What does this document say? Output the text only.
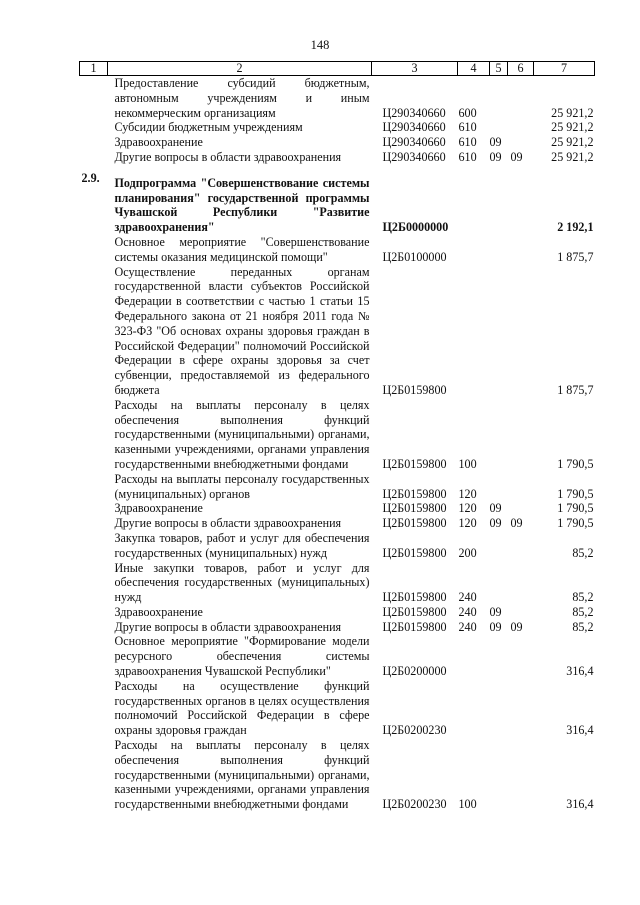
148
1	2	3	4	5	6	7
	Предоставление субсидий бюджетным, автономным учреждениям и иным некоммерческим организациям	Ц290340660	600			25 921,2
	Субсидии бюджетным учреждениям	Ц290340660	610			25 921,2
	Здравоохранение	Ц290340660	610	09		25 921,2
	Другие вопросы в области здравоохранения	Ц290340660	610	09	09	25 921,2
2.9.	Подпрограмма "Совершенствование системы планирования" государственной программы Чувашской Республики "Развитие здравоохранения"	Ц2Б0000000				2 192,1
	Основное мероприятие "Совершенствование системы оказания медицинской помощи"	Ц2Б0100000				1 875,7
	Осуществление переданных органам государственной власти субъектов Российской Федерации в соответствии с частью 1 статьи 15 Федерального закона от 21 ноября 2011 года № 323-ФЗ "Об основах охраны здоровья граждан в Российской Федерации" полномочий Российской Федерации в сфере охраны здоровья за счет субвенции, предоставляемой из федерального бюджета	Ц2Б0159800				1 875,7
	Расходы на выплаты персоналу в целях обеспечения выполнения функций государственными (муниципальными) органами, казенными учреждениями, органами управления государственными внебюджетными фондами	Ц2Б0159800	100			1 790,5
	Расходы на выплаты персоналу государственных (муниципальных) органов	Ц2Б0159800	120			1 790,5
	Здравоохранение	Ц2Б0159800	120	09		1 790,5
	Другие вопросы в области здравоохранения	Ц2Б0159800	120	09	09	1 790,5
	Закупка товаров, работ и услуг для обеспечения государственных (муниципальных) нужд	Ц2Б0159800	200			85,2
	Иные закупки товаров, работ и услуг для обеспечения государственных (муниципальных) нужд	Ц2Б0159800	240			85,2
	Здравоохранение	Ц2Б0159800	240	09		85,2
	Другие вопросы в области здравоохранения	Ц2Б0159800	240	09	09	85,2
	Основное мероприятие "Формирование модели ресурсного обеспечения системы здравоохранения Чувашской Республики"	Ц2Б0200000				316,4
	Расходы на осуществление функций государственных органов в целях осуществления полномочий Российской Федерации в сфере охраны здоровья граждан	Ц2Б0200230				316,4
	Расходы на выплаты персоналу в целях обеспечения выполнения функций государственными (муниципальными) органами, казенными учреждениями, органами управления государственными внебюджетными фондами	Ц2Б0200230	100			316,4
